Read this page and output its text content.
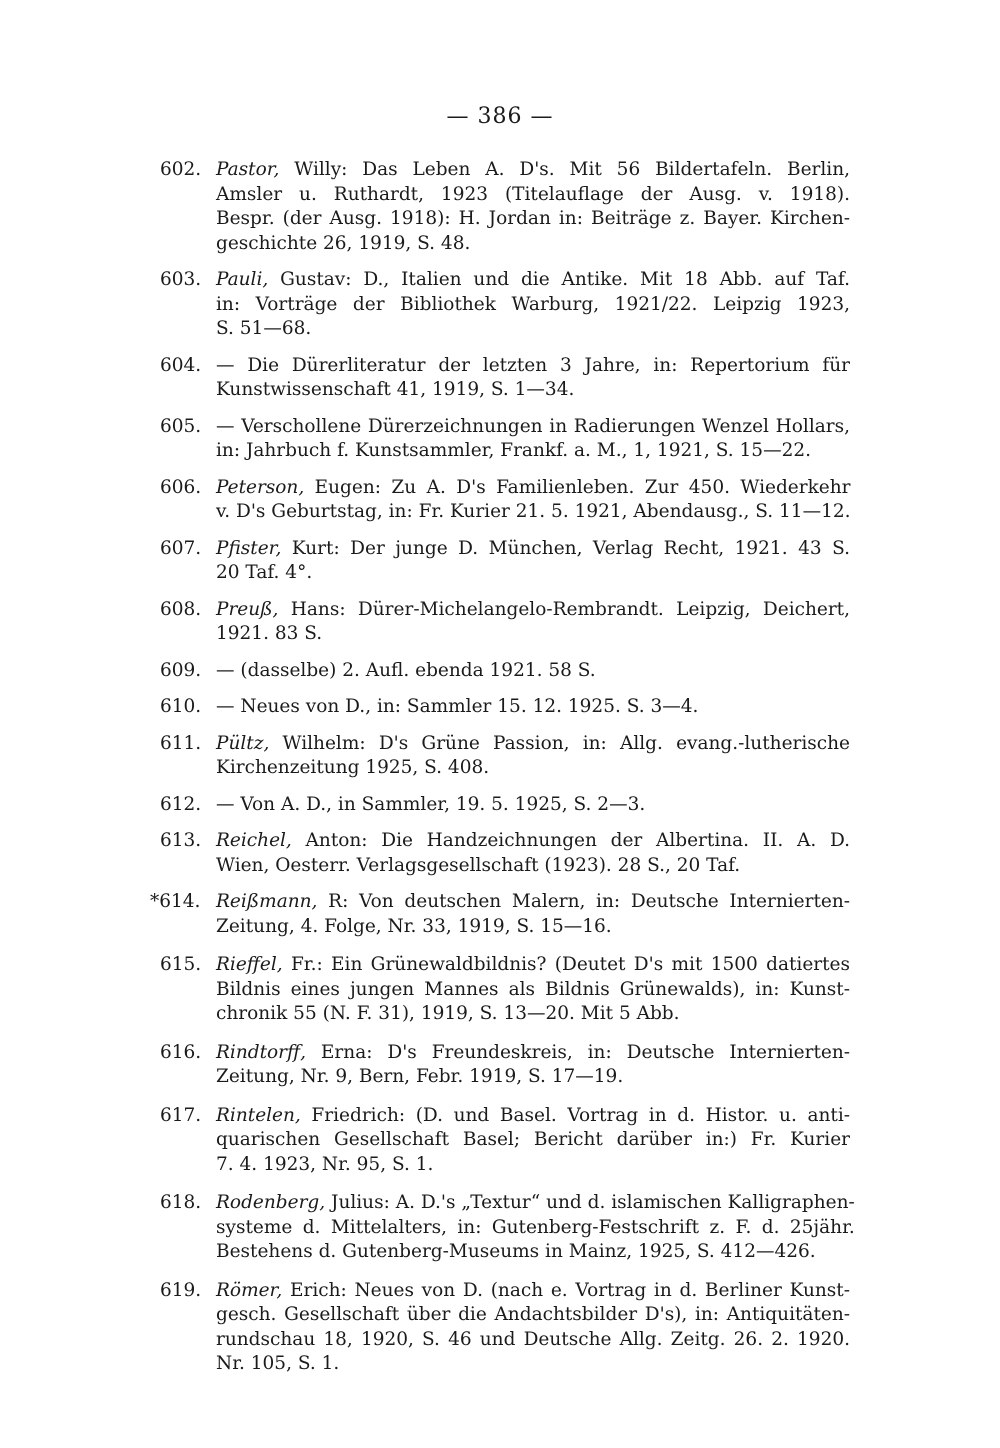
— 386 —
602. Pastor, Willy: Das Leben A. D's. Mit 56 Bildertafeln. Berlin,
Amsler u. Ruthardt, 1923 (Titelauflage der Ausg. v. 1918).
Bespr. (der Ausg. 1918): H. Jordan in: Beiträge z. Bayer. Kirchen-
geschichte 26, 1919, S. 48.
603. Pauli, Gustav: D., Italien und die Antike. Mit 18 Abb. auf Taf.
in: Vorträge der Bibliothek Warburg, 1921/22. Leipzig 1923,
S. 51—68.
604. — Die Dürerliteratur der letzten 3 Jahre, in: Repertorium für
Kunstwissenschaft 41, 1919, S. 1—34.
605. — Verschollene Dürerzeichnungen in Radierungen Wenzel Hollars,
in: Jahrbuch f. Kunstsammler, Frankf. a. M., 1, 1921, S. 15—22.
606. Peterson, Eugen: Zu A. D's Familienleben. Zur 450. Wiederkehr
v. D's Geburtstag, in: Fr. Kurier 21. 5. 1921, Abendausg., S. 11—12.
607. Pfister, Kurt: Der junge D. München, Verlag Recht, 1921. 43 S.
20 Taf. 4°.
608. Preuß, Hans: Dürer-Michelangelo-Rembrandt. Leipzig, Deichert,
1921. 83 S.
609. — (dasselbe) 2. Aufl. ebenda 1921. 58 S.
610. — Neues von D., in: Sammler 15. 12. 1925. S. 3—4.
611. Pültz, Wilhelm: D's Grüne Passion, in: Allg. evang.-lutherische
Kirchenzeitung 1925, S. 408.
612. — Von A. D., in Sammler, 19. 5. 1925, S. 2—3.
613. Reichel, Anton: Die Handzeichnungen der Albertina. II. A. D.
Wien, Oesterr. Verlagsgesellschaft (1923). 28 S., 20 Taf.
*614. Reißmann, R: Von deutschen Malern, in: Deutsche Internierten-
Zeitung, 4. Folge, Nr. 33, 1919, S. 15—16.
615. Rieffel, Fr.: Ein Grünewaldbildnis? (Deutet D's mit 1500 datiertes
Bildnis eines jungen Mannes als Bildnis Grünewalds), in: Kunst-
chronik 55 (N. F. 31), 1919, S. 13—20. Mit 5 Abb.
616. Rindtorff, Erna: D's Freundeskreis, in: Deutsche Internierten-
Zeitung, Nr. 9, Bern, Febr. 1919, S. 17—19.
617. Rintelen, Friedrich: (D. und Basel. Vortrag in d. Histor. u. anti-
quarischen Gesellschaft Basel; Bericht darüber in:) Fr. Kurier
7. 4. 1923, Nr. 95, S. 1.
618. Rodenberg, Julius: A. D.'s „Textur“ und d. islamischen Kalligraphen-
systeme d. Mittelalters, in: Gutenberg-Festschrift z. F. d. 25jähr.
Bestehens d. Gutenberg-Museums in Mainz, 1925, S. 412—426.
619. Römer, Erich: Neues von D. (nach e. Vortrag in d. Berliner Kunst-
gesch. Gesellschaft über die Andachtsbilder D's), in: Antiquitäten-
rundschau 18, 1920, S. 46 und Deutsche Allg. Zeitg. 26. 2. 1920.
Nr. 105, S. 1.
